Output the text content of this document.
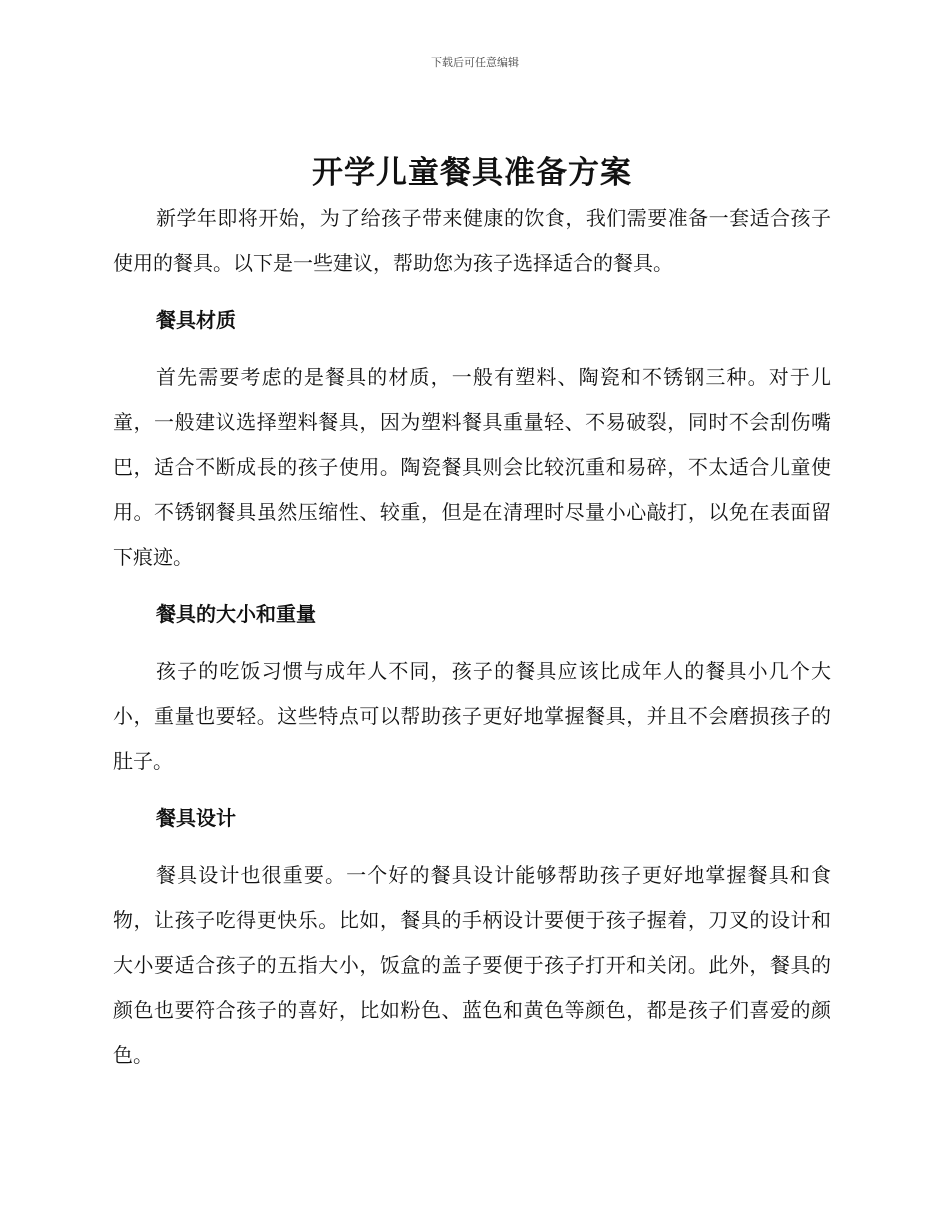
下载后可任意编辑
开学儿童餐具准备方案

新学年即将开始，为了给孩子带来健康的饮食，我们需要准备一套适合孩子使用的餐具。以下是一些建议，帮助您为孩子选择适合的餐具。

餐具材质

首先需要考虑的是餐具的材质，一般有塑料、陶瓷和不锈钢三种。对于儿童，一般建议选择塑料餐具，因为塑料餐具重量轻、不易破裂，同时不会刮伤嘴巴，适合不断成長的孩子使用。陶瓷餐具则会比较沉重和易碎，不太适合儿童使用。不锈钢餐具虽然压缩性、较重，但是在清理时尽量小心敲打，以免在表面留下痕迹。

餐具的大小和重量

孩子的吃饭习惯与成年人不同，孩子的餐具应该比成年人的餐具小几个大小，重量也要轻。这些特点可以帮助孩子更好地掌握餐具，并且不会磨损孩子的肚子。

餐具设计

餐具设计也很重要。一个好的餐具设计能够帮助孩子更好地掌握餐具和食物，让孩子吃得更快乐。比如，餐具的手柄设计要便于孩子握着，刀叉的设计和大小要适合孩子的五指大小，饭盒的盖子要便于孩子打开和关闭。此外，餐具的颜色也要符合孩子的喜好，比如粉色、蓝色和黄色等颜色，都是孩子们喜爱的颜色。
